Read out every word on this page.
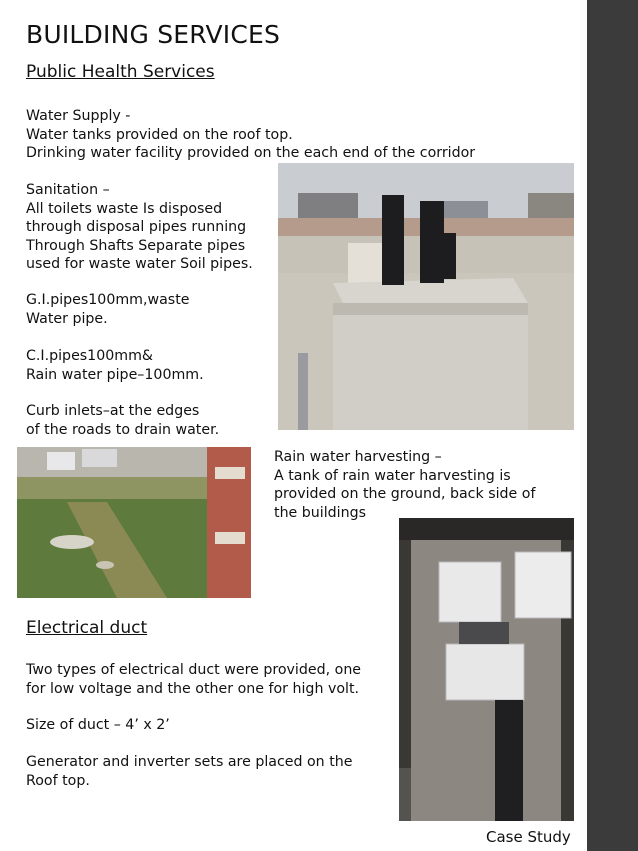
BUILDING SERVICES
Public Health Services
Water Supply -
Water tanks provided on the roof top.
Drinking water facility provided on the each end of the corridor
Sanitation –
All toilets waste Is disposed
through disposal pipes running
Through Shafts Separate pipes
used for waste water Soil pipes.
G.I.pipes100mm,waste
Water pipe.
C.I.pipes100mm&
Rain water pipe–100mm.
Curb inlets–at the edges
of the roads to drain water.
Rain water harvesting –
A tank of rain water harvesting is
provided on the ground, back side of
the buildings
Electrical duct
Two types of electrical duct were provided, one
for low voltage and the other one for high volt.
Size of duct – 4’ x 2’
Generator and inverter sets are placed on the
Roof top.
Case Study
